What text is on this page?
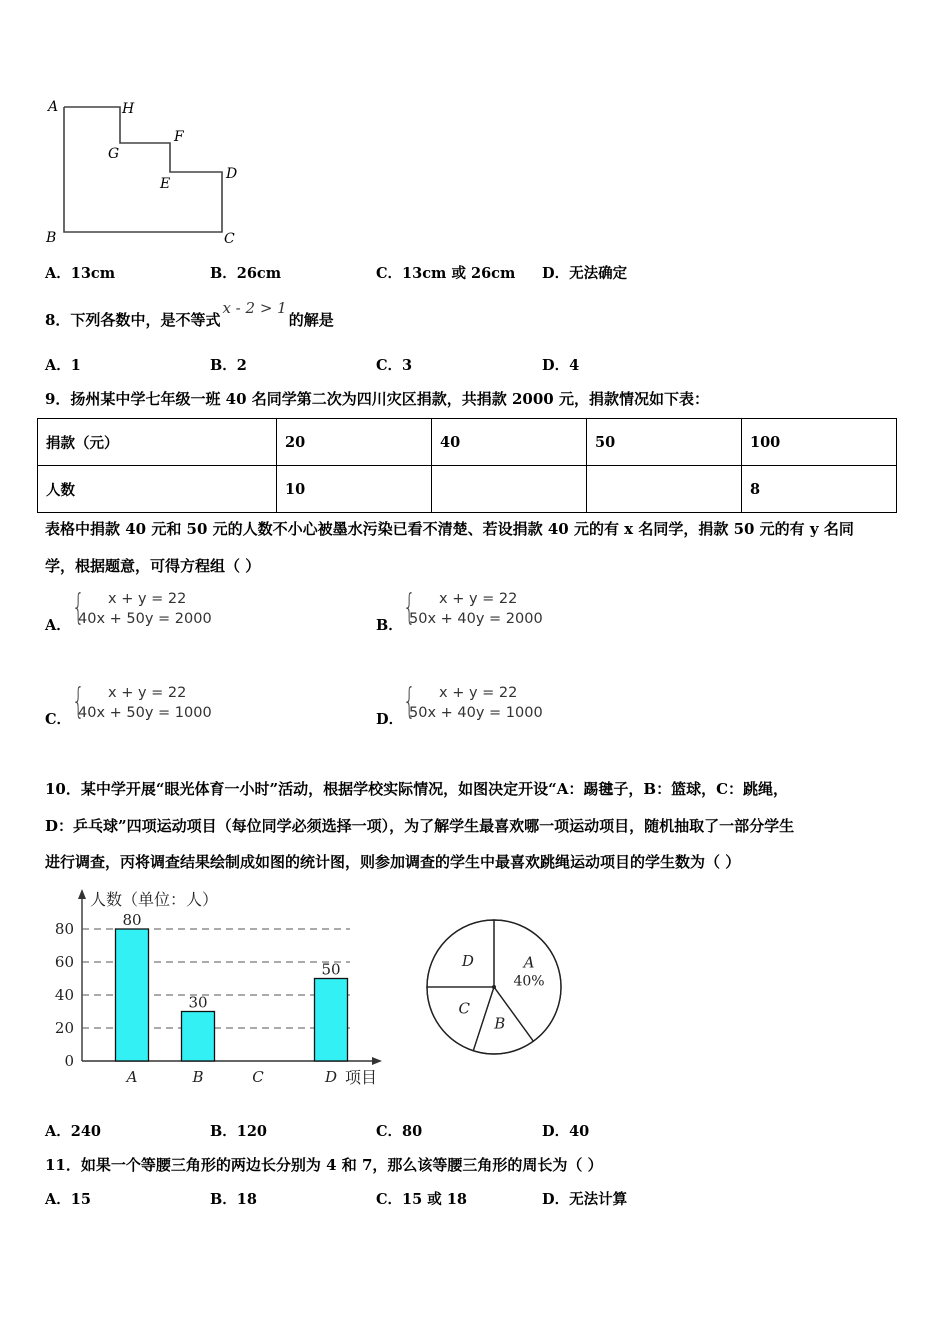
A	H
G
F
E
D
B	C
A．13cm	B．26cm	C．13cm 或 26cm D．无法确定
8．下列各数中，是不等式x - 2 > 1的解是
A．1	B．2	C．3	D．4
9．扬州某中学七年级一班 40 名同学第二次为四川灾区捐款，共捐款 2000 元，捐款情况如下表：
捐款（元）	20	40	50	100
人数	10			8
表格中捐款 40 元和 50 元的人数不小心被墨水污染已看不清楚、若设捐款 40 元的有 x 名同学，捐款 50 元的有 y 名同
学，根据题意，可得方程组（ ）
A． { x + y = 22
40x + 50y = 2000	B． { x + y = 22
50x + 40y = 2000
C． { x + y = 22
40x + 50y = 1000	D． { x + y = 22
50x + 40y = 1000
10．某中学开展“眼光体育一小时”活动，根据学校实际情况，如图决定开设“A：踢毽子，B：篮球，C：跳绳，
D：乒乓球”四项运动项目（每位同学必须选择一项），为了解学生最喜欢哪一项运动项目，随机抽取了一部分学生
进行调查，丙将调查结果绘制成如图的统计图，则参加调查的学生中最喜欢跳绳运动项目的学生数为（ ）
人数（单位：人）
项目
0
20
40
60
80	80
A
30
B	C
50
D
A
40%
B
C
D
A．240	B．120	C．80	D．40
11．如果一个等腰三角形的两边长分别为 4 和 7，那么该等腰三角形的周长为（ ）
A．15	B．18	C．15 或 18	D．无法计算
